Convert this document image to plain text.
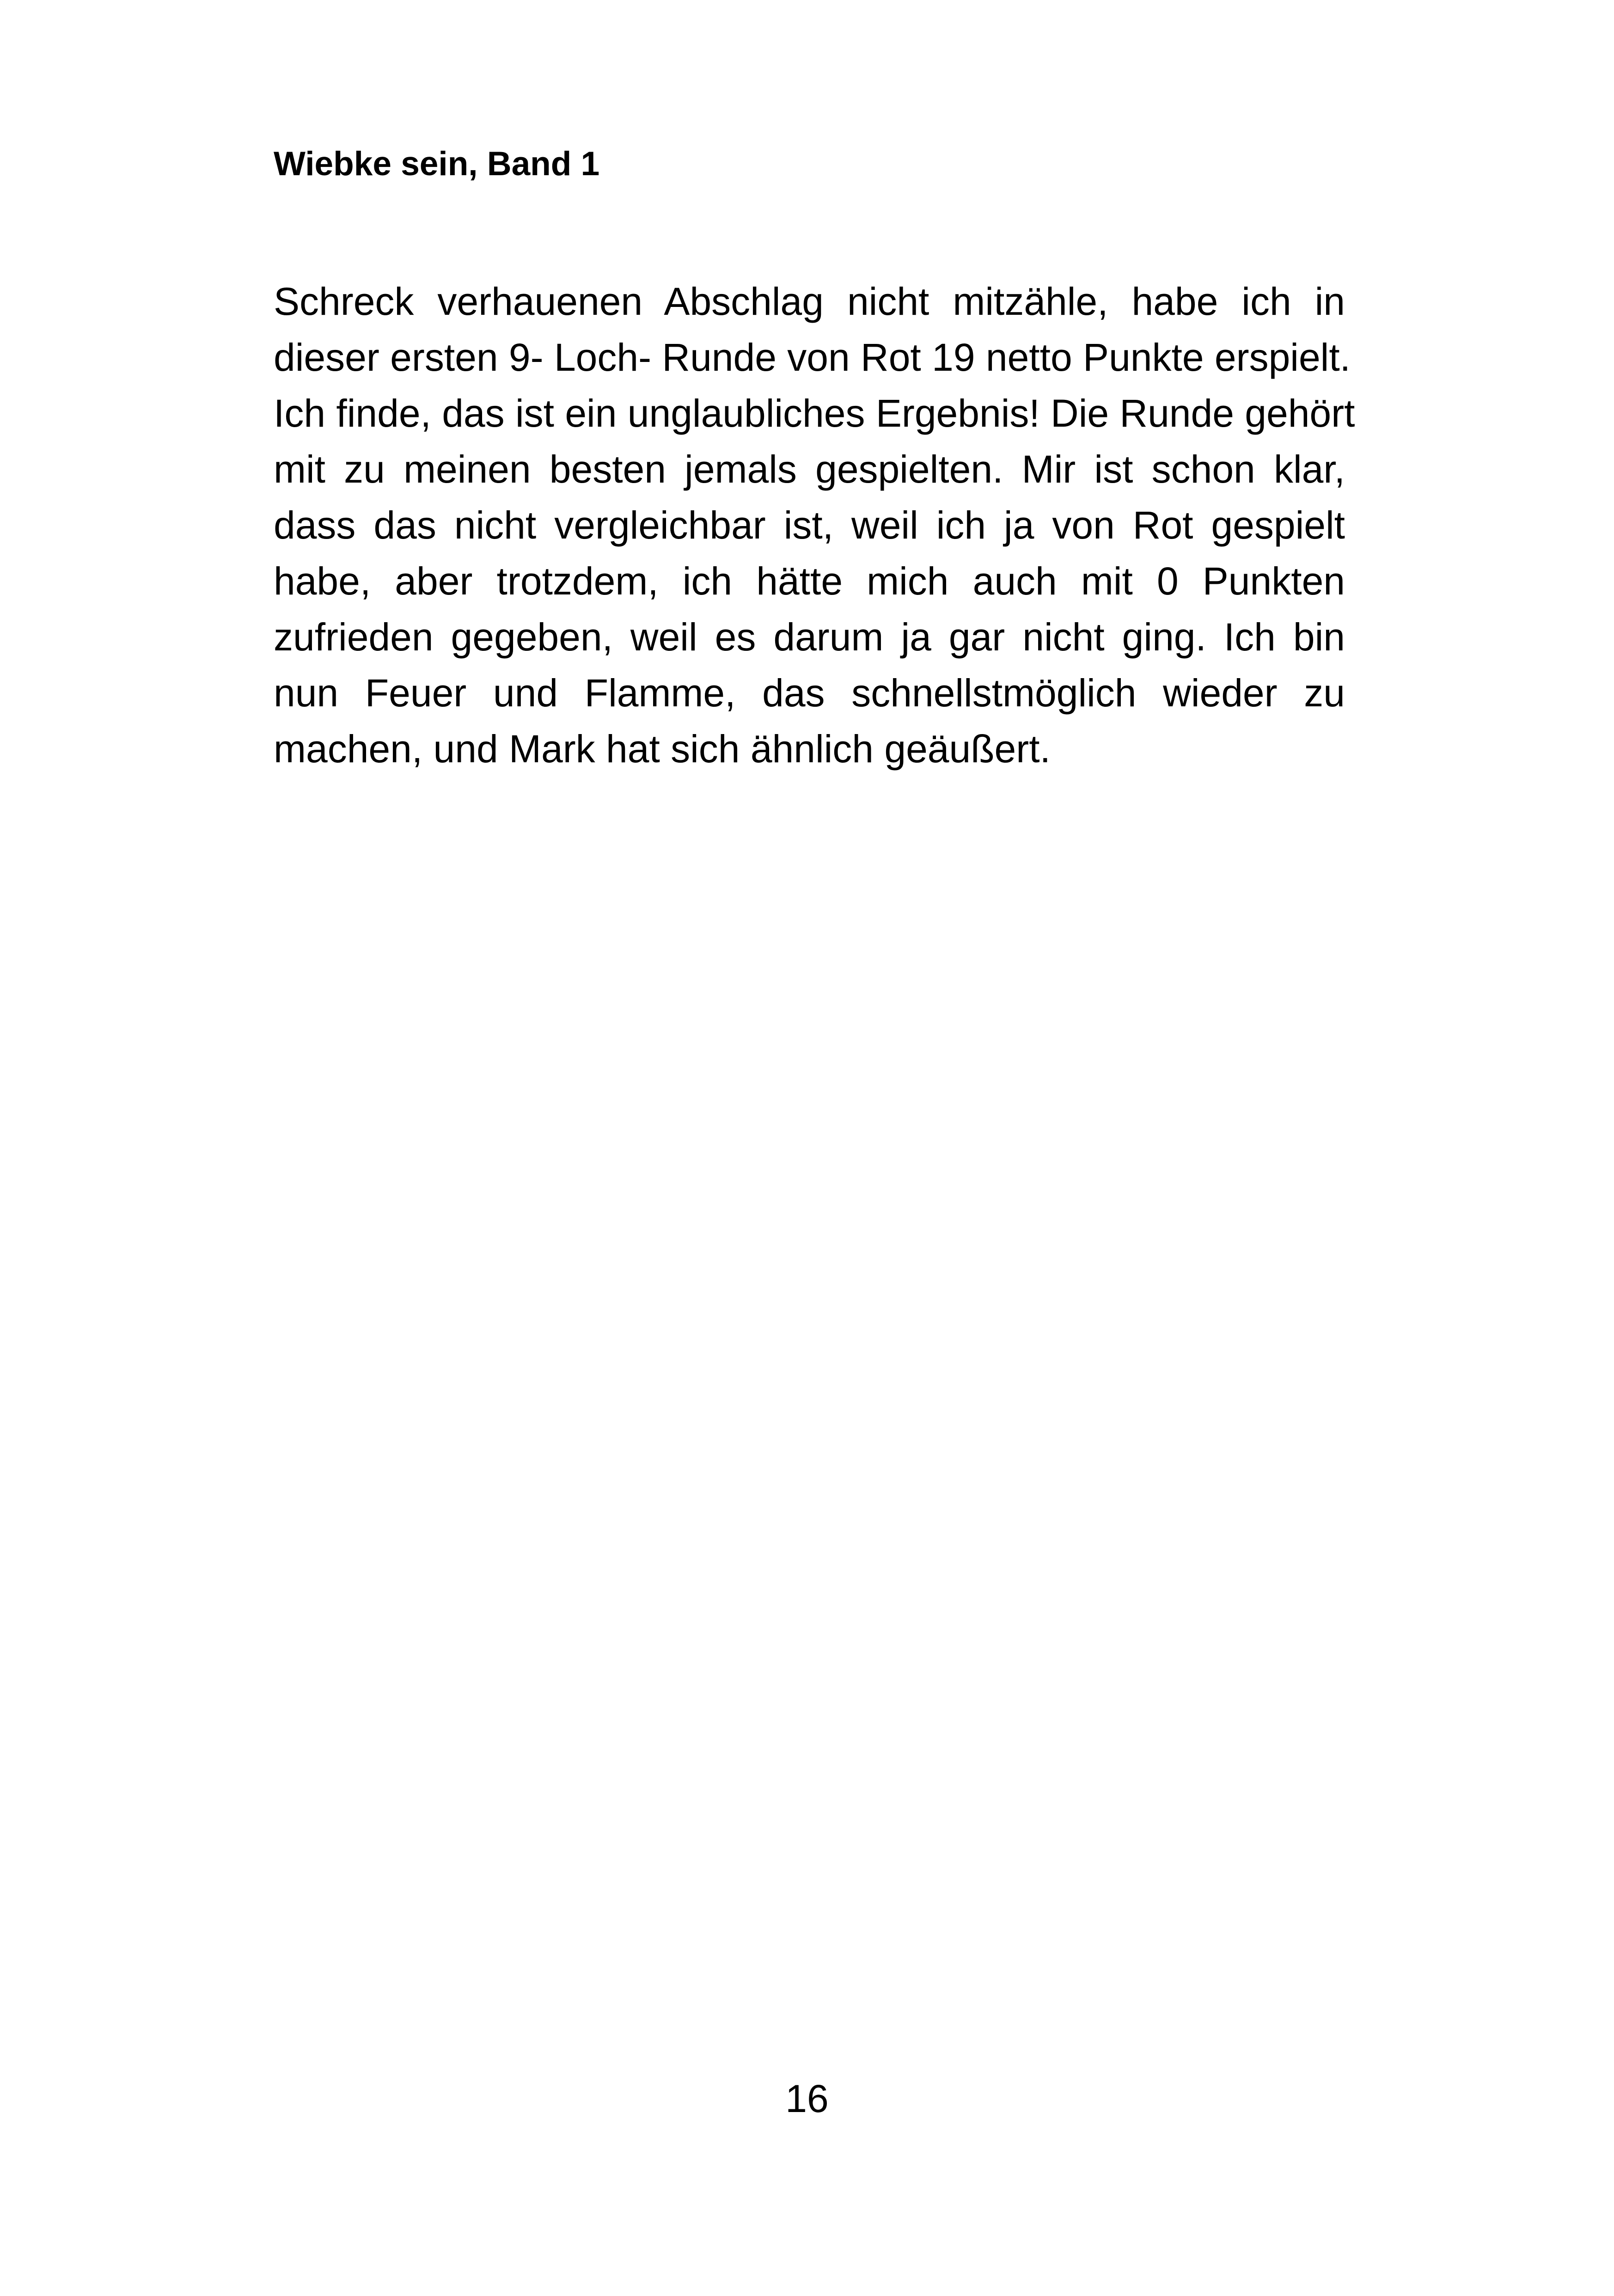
Wiebke sein, Band 1
Schreck verhauenen Abschlag nicht mitzähle, habe ich in
dieser ersten 9- Loch- Runde von Rot 19 netto Punkte erspielt.
Ich finde, das ist ein unglaubliches Ergebnis! Die Runde gehört
mit zu meinen besten jemals gespielten. Mir ist schon klar,
dass das nicht vergleichbar ist, weil ich ja von Rot gespielt
habe, aber trotzdem, ich hätte mich auch mit 0 Punkten
zufrieden gegeben, weil es darum ja gar nicht ging. Ich bin
nun Feuer und Flamme, das schnellstmöglich wieder zu
machen, und Mark hat sich ähnlich geäußert.
16
